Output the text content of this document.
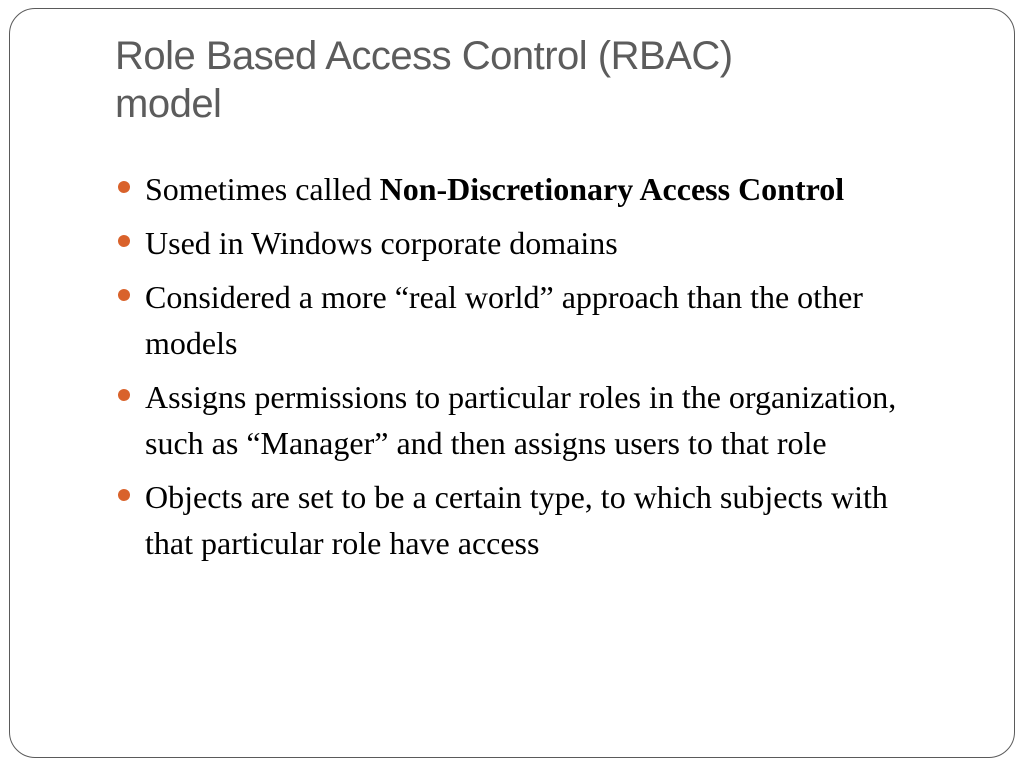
Role Based Access Control (RBAC)
model
Sometimes called Non-Discretionary Access Control
Used in Windows corporate domains
Considered a more “real world” approach than the other models
Assigns permissions to particular roles in the organization, such as “Manager” and then assigns users to that role
Objects are set to be a certain type, to which subjects with that particular role have access
